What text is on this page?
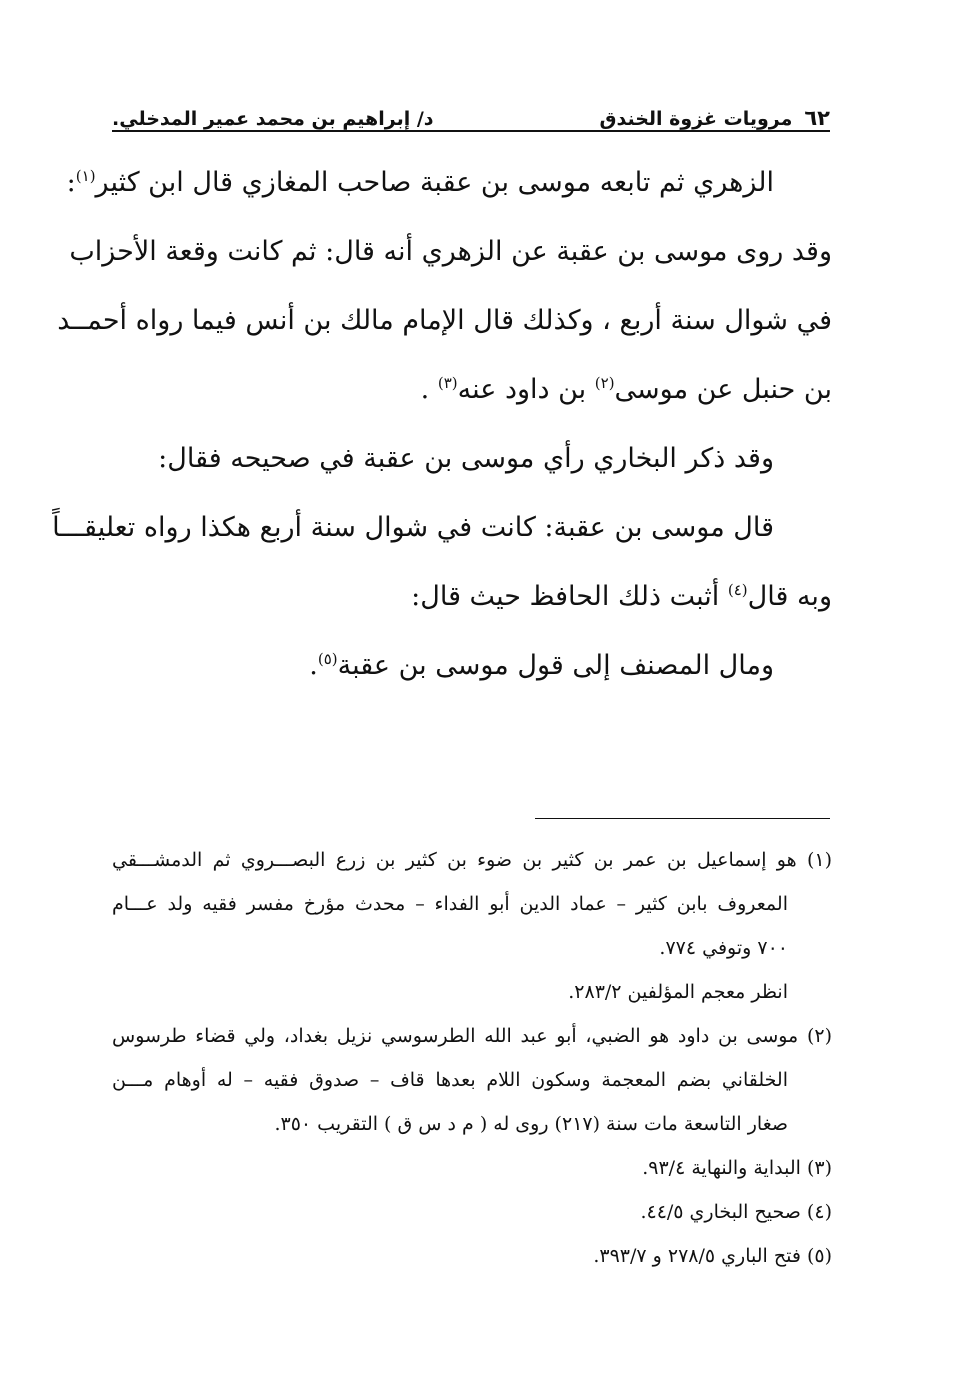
٦٢
مرويات غزوة الخندق
د/ إبراهيم بن محمد عمير المدخلي.
الزهري ثم تابعه موسى بن عقبة صاحب المغازي قال ابن كثير$^{(١)}$:
وقد روى موسى بن عقبة عن الزهري أنه قال: ثم كانت وقعة الأحزاب
في شوال سنة أربع ، وكذلك قال الإمام مالك بن أنس فيما رواه أحمــد
بن حنبل عن موسى$^{(٢)}$ بن داود عنه$^{(٣)}$ .
وقد ذكر البخاري رأي موسى بن عقبة في صحيحه فقال:
قال موسى بن عقبة: كانت في شوال سنة أربع هكذا رواه تعليقـــاً
وبه قال$^{(٤)}$ أثبت ذلك الحافظ حيث قال:
ومال المصنف إلى قول موسى بن عقبة$^{(٥)}$.
(١) هو إسماعيل بن عمر بن كثير بن ضوء بن كثير بن زرع البصـــروي ثم الدمشـــقي
المعروف بابن كثير – عماد الدين أبو الفداء – محدث مؤرخ مفسر فقيه ولد عـــام
٧٠٠ وتوفي ٧٧٤.
انظر معجم المؤلفين ٢٨٣/٢.
(٢) موسى بن داود هو الضبي، أبو عبد الله الطرسوسي نزيل بغداد، ولي قضاء طرسوس
الخلقاني بضم المعجمة وسكون اللام بعدها قاف – صدوق فقيه – له أوهام مـــن
صغار التاسعة مات سنة (٢١٧) روى له ( م د س ق ) التقريب ٣٥٠.
(٣) البداية والنهاية ٩٣/٤.
(٤) صحيح البخاري ٤٤/٥.
(٥) فتح الباري ٢٧٨/٥ و ٣٩٣/٧.
